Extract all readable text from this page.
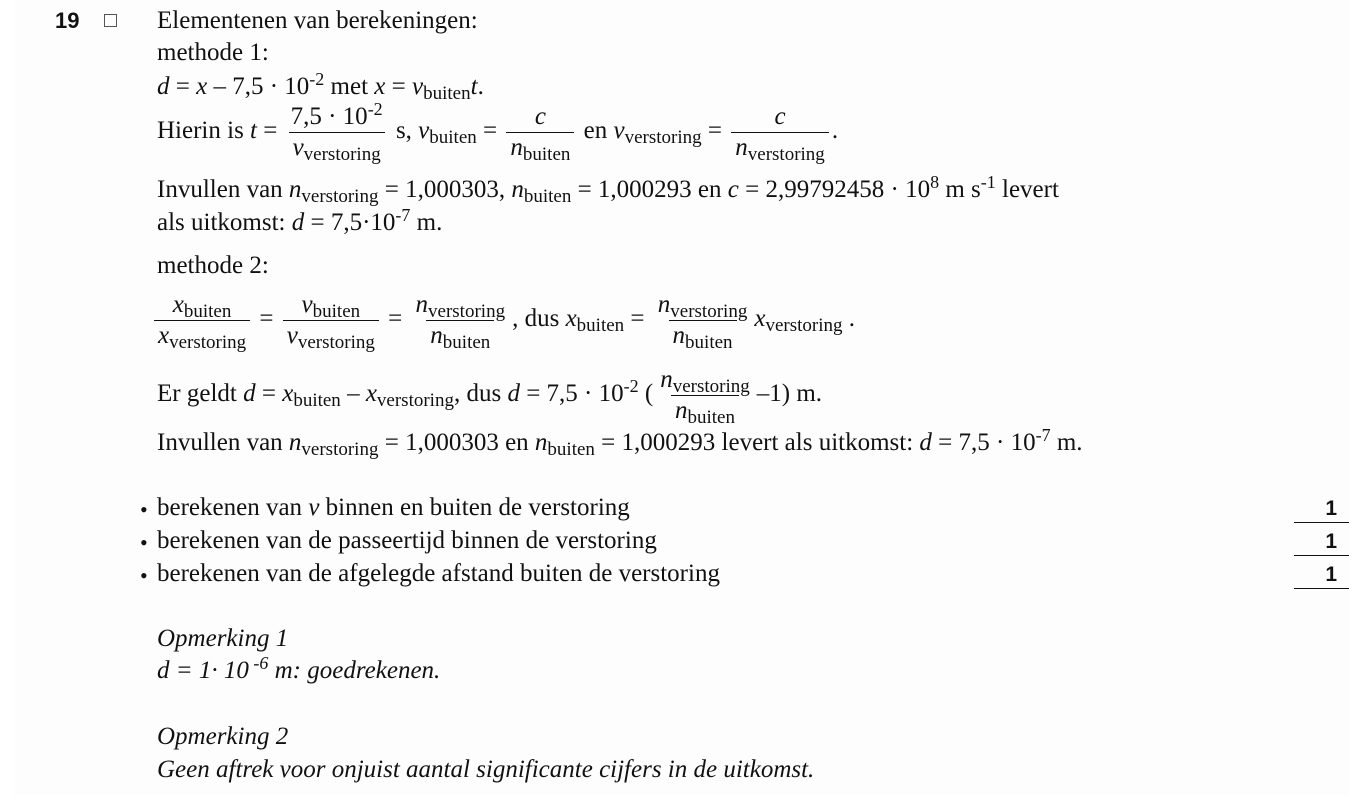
19	Elementenen van berekeningen:
methode 1:
$d = x - 7,5 \cdot 10^{-2}$ met $x = v_{buiten}t$.
Hierin is $t = \frac{7,5 \cdot 10^{-2}}{v_{verstoring}} s$, $v_{buiten} = \frac{c}{n_{buiten}}$ en $v_{verstoring} = \frac{c}{n_{verstoring}}$ .
Invullen van $n_{verstoring} = 1,000303$, $n_{buiten} = 1,000293$ en $c = 2,99792458 \cdot 10^8$ m $s^{-1}$ levert
als uitkomst: $d = 7,5\cdot 10^{-7}$ m.
methode 2:
$\frac{x_{buiten}}{x_{verstoring}} = \frac{v_{buiten}}{v_{verstoring}} = \frac{n_{verstoring}}{n_{buiten}}$ , dus $x_{buiten} = \frac{n_{verstoring}}{n_{buiten}} x_{verstoring}$ .
Er geldt $d = x_{buiten} - x_{verstoring}$, dus $d = 7,5 \cdot 10^{-2}$ ( $\frac{n_{verstoring}}{n_{buiten}} -1$) m.
Invullen van $n_{verstoring} = 1,000303$ en $n_{buiten} = 1,000293$ levert als uitkomst: $d = 7,5 \cdot 10^{-7}$ m.
• berekenen van v binnen en buiten de verstoring	1
• berekenen van de passeertijd binnen de verstoring	1
• berekenen van de afgelegde afstand buiten de verstoring	1
Opmerking 1
d = 1· 10 $^{-6}$ m: goedrekenen.
Opmerking 2
Geen aftrek voor onjuist aantal significante cijfers in de uitkomst.
